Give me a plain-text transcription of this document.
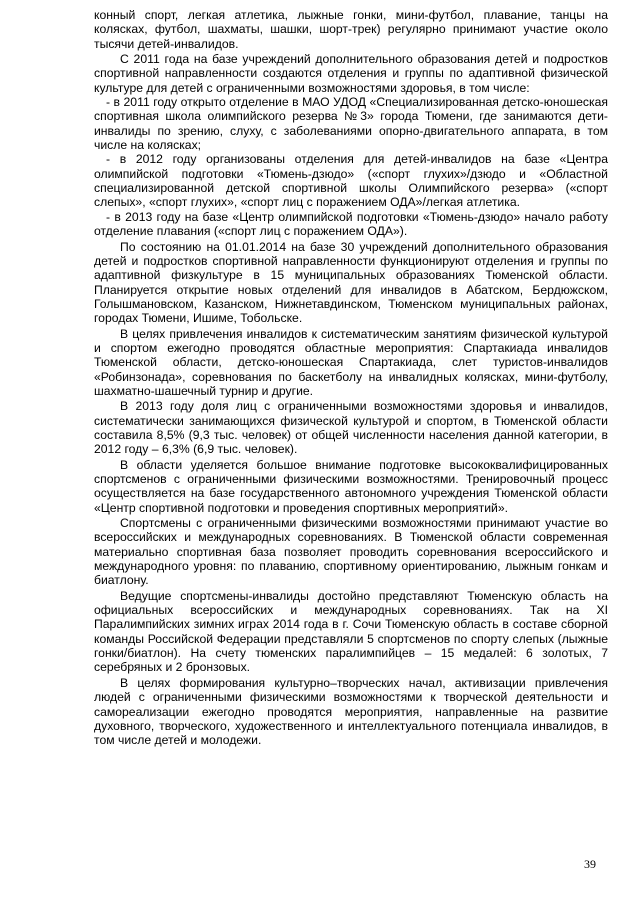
конный спорт, легкая атлетика, лыжные гонки, мини-футбол, плавание, танцы на колясках, футбол, шахматы, шашки, шорт-трек) регулярно принимают участие около тысячи детей-инвалидов.

С 2011 года на базе учреждений дополнительного образования детей и подростков спортивной направленности создаются отделения и группы по адаптивной физической культуре для детей с ограниченными возможностями здоровья, в том числе:

- в 2011 году открыто отделение в МАО УДОД «Специализированная детско-юношеская спортивная школа олимпийского резерва №3» города Тюмени, где занимаются дети-инвалиды по зрению, слуху, с заболеваниями опорно-двигательного аппарата, в том числе на колясках;

- в 2012 году организованы отделения для детей-инвалидов на базе «Центра олимпийской подготовки «Тюмень-дзюдо» («спорт глухих»/дзюдо и «Областной специализированной детской спортивной школы Олимпийского резерва» («спорт слепых», «спорт глухих», «спорт лиц с поражением ОДА»/легкая атлетика.

- в 2013 году на базе «Центр олимпийской подготовки «Тюмень-дзюдо» начало работу отделение плавания («спорт лиц с поражением ОДА»).

По состоянию на 01.01.2014 на базе 30 учреждений дополнительного образования детей и подростков спортивной направленности функционируют отделения и группы по адаптивной физкультуре в 15 муниципальных образованиях Тюменской области. Планируется открытие новых отделений для инвалидов в Абатском, Бердюжском, Голышмановском, Казанском, Нижнетавдинском, Тюменском муниципальных районах, городах Тюмени, Ишиме, Тобольске.

В целях привлечения инвалидов к систематическим занятиям физической культурой и спортом ежегодно проводятся областные мероприятия: Спартакиада инвалидов Тюменской области, детско-юношеская Спартакиада, слет туристов-инвалидов «Робинзонада», соревнования по баскетболу на инвалидных колясках, мини-футболу, шахматно-шашечный турнир и другие.

В 2013 году доля лиц с ограниченными возможностями здоровья и инвалидов, систематически занимающихся физической культурой и спортом, в Тюменской области составила 8,5% (9,3 тыс. человек) от общей численности населения данной категории, в 2012 году – 6,3% (6,9 тыс. человек).

В области уделяется большое внимание подготовке высококвалифицированных спортсменов с ограниченными физическими возможностями. Тренировочный процесс осуществляется на базе государственного автономного учреждения Тюменской области «Центр спортивной подготовки и проведения спортивных мероприятий».

Спортсмены с ограниченными физическими возможностями принимают участие во всероссийских и международных соревнованиях. В Тюменской области современная материально спортивная база позволяет проводить соревнования всероссийского и международного уровня: по плаванию, спортивному ориентированию, лыжным гонкам и биатлону.

Ведущие спортсмены-инвалиды достойно представляют Тюменскую область на официальных всероссийских и международных соревнованиях. Так на XI Паралимпийских зимних играх 2014 года в г. Сочи Тюменскую область в составе сборной команды Российской Федерации представляли 5 спортсменов по спорту слепых (лыжные гонки/биатлон). На счету тюменских паралимпийцев – 15 медалей: 6 золотых, 7 серебряных и 2 бронзовых.

В целях формирования культурно–творческих начал, активизации привлечения людей с ограниченными физическими возможностями к творческой деятельности и самореализации ежегодно проводятся мероприятия, направленные на развитие духовного, творческого, художественного и интеллектуального потенциала инвалидов, в том числе детей и молодежи.

39
